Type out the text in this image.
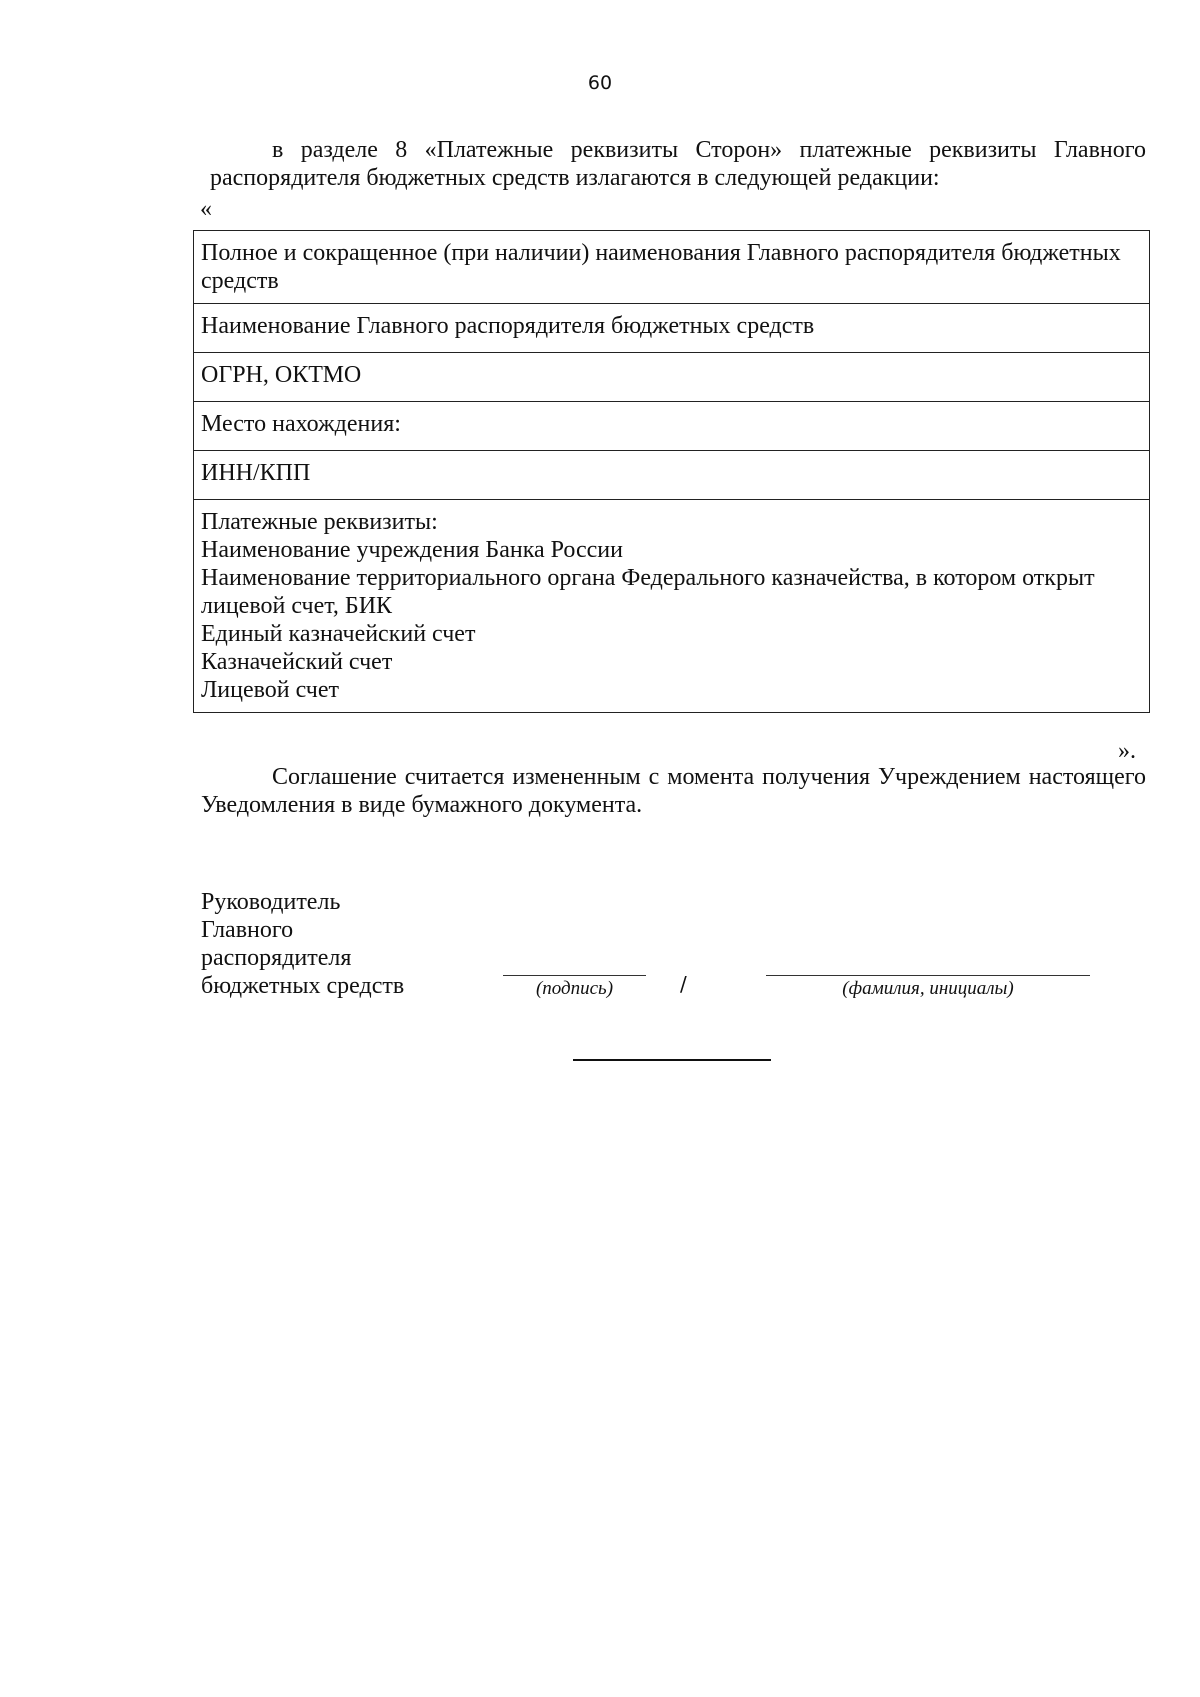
60
в разделе 8 «Платежные реквизиты Сторон» платежные реквизиты Главного распорядителя бюджетных средств излагаются в следующей редакции:
«
Полное и сокращенное (при наличии) наименования Главного распорядителя бюджетных средств
Наименование Главного распорядителя бюджетных средств
ОГРН, ОКТМО
Место нахождения:
ИНН/КПП
Платежные реквизиты:
Наименование учреждения Банка России
Наименование территориального органа Федерального казначейства, в котором открыт лицевой счет, БИК
Единый казначейский счет
Казначейский счет
Лицевой счет
».
Соглашение считается измененным с момента получения Учреждением настоящего Уведомления в виде бумажного документа.
Руководитель
Главного
распорядителя
бюджетных средств	(подпись)	/	(фамилия, инициалы)
